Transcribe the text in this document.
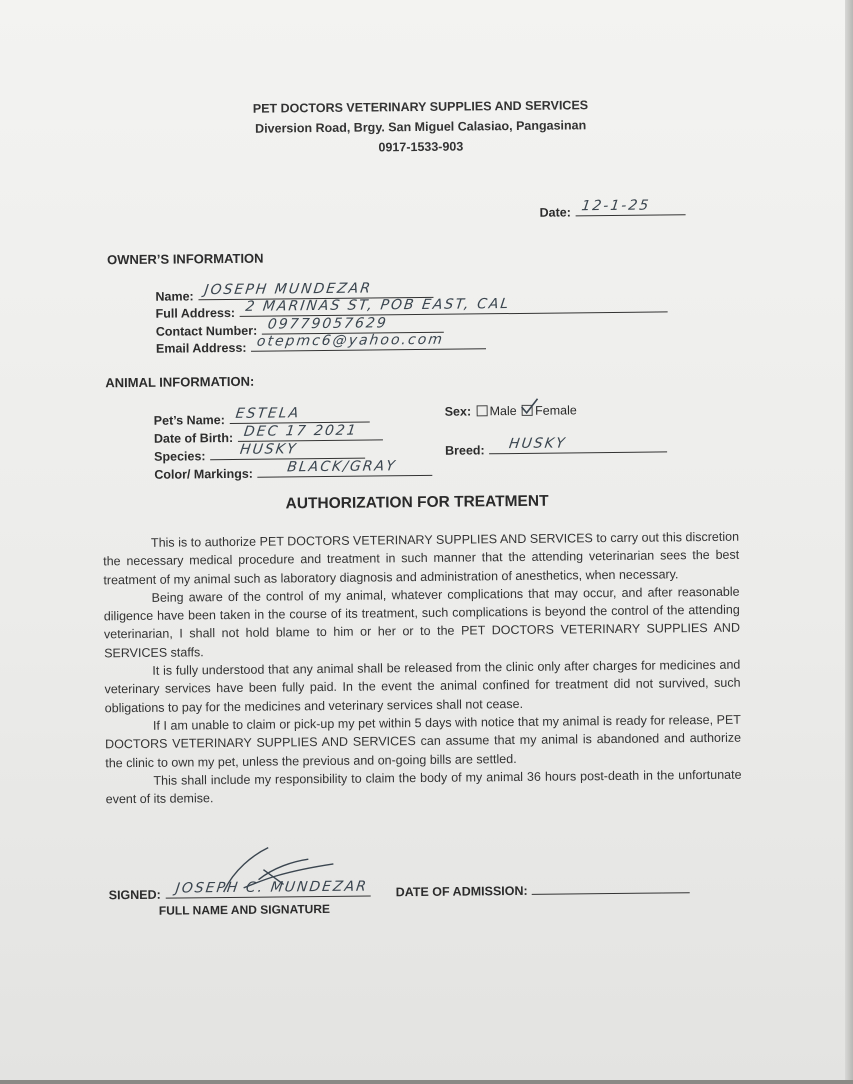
PET DOCTORS VETERINARY SUPPLIES AND SERVICES
Diversion Road, Brgy. San Miguel Calasiao, Pangasinan
0917-1533-903
Date: 12-1-25
OWNER’S INFORMATION
Name: JOSEPH MUNDEZAR
Full Address: 2 MARINAS ST, POB EAST, CAL
Contact Number: 09779057629
Email Address: otepmc6@yahoo.com
ANIMAL INFORMATION:
Pet’s Name: ESTELA
Date of Birth: DEC 17 2021
Species: HUSKY
Color/ Markings: BLACK/GRAY
Sex: Male Female
Breed: HUSKY
AUTHORIZATION FOR TREATMENT

This is to authorize PET DOCTORS VETERINARY SUPPLIES AND SERVICES to carry out this discretion the necessary medical procedure and treatment in such manner that the attending veterinarian sees the best treatment of my animal such as laboratory diagnosis and administration of anesthetics, when necessary.

Being aware of the control of my animal, whatever complications that may occur, and after reasonable diligence have been taken in the course of its treatment, such complications is beyond the control of the attending veterinarian, I shall not hold blame to him or her or to the PET DOCTORS VETERINARY SUPPLIES AND SERVICES staffs.

It is fully understood that any animal shall be released from the clinic only after charges for medicines and veterinary services have been fully paid. In the event the animal confined for treatment did not survived, such obligations to pay for the medicines and veterinary services shall not cease.

If I am unable to claim or pick-up my pet within 5 days with notice that my animal is ready for release, PET DOCTORS VETERINARY SUPPLIES AND SERVICES can assume that my animal is abandoned and authorize the clinic to own my pet, unless the previous and on-going bills are settled.

This shall include my responsibility to claim the body of my animal 36 hours post-death in the unfortunate event of its demise.

SIGNED: JOSEPH C. MUNDEZAR
FULL NAME AND SIGNATURE
DATE OF ADMISSION:
